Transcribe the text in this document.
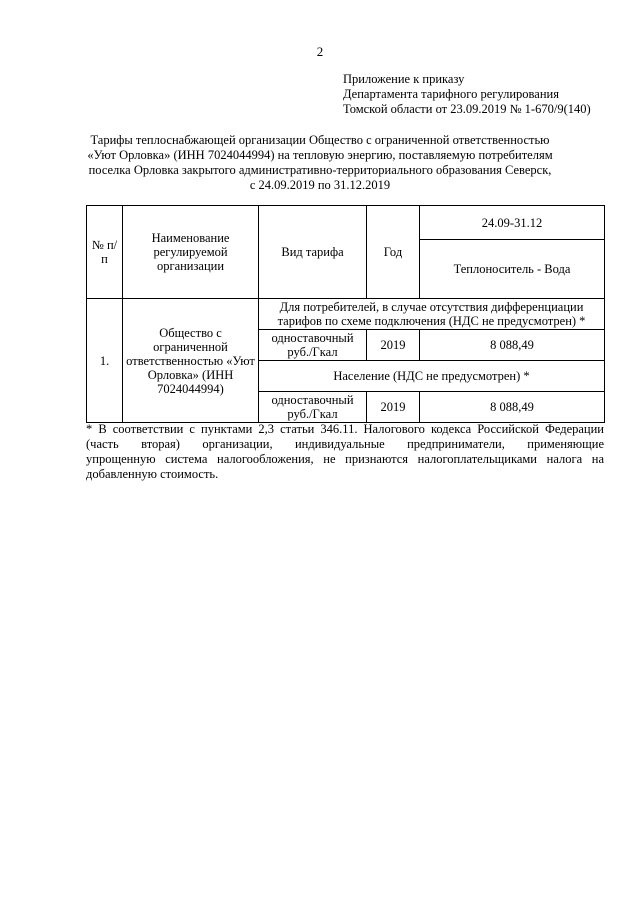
2
Приложение к приказу
Департамента тарифного регулирования
Томской области от 23.09.2019 № 1-670/9(140)
Тарифы теплоснабжающей организации Общество с ограниченной ответственностью
«Уют Орловка» (ИНН 7024044994) на тепловую энергию, поставляемую потребителям
поселка Орловка закрытого административно-территориального образования Северск,
с 24.09.2019 по 31.12.2019
№ п/п	Наименование регулируемой организации	Вид тарифа	Год	24.09-31.12
				Теплоноситель - Вода
1.	Общество с ограниченной ответственностью «Уют Орловка» (ИНН 7024044994)	Для потребителей, в случае отсутствия дифференциации тарифов по схеме подключения (НДС не предусмотрен) *		
		одноставочный руб./Гкал	2019	8 088,49
		Население (НДС не предусмотрен) *		
		одноставочный руб./Гкал	2019	8 088,49
* В соответствии с пунктами 2,3 статьи 346.11. Налогового кодекса Российской Федерации
(часть вторая) организации, индивидуальные предприниматели, применяющие
упрощенную система налогообложения, не признаются налогоплательщиками налога на
добавленную стоимость.
